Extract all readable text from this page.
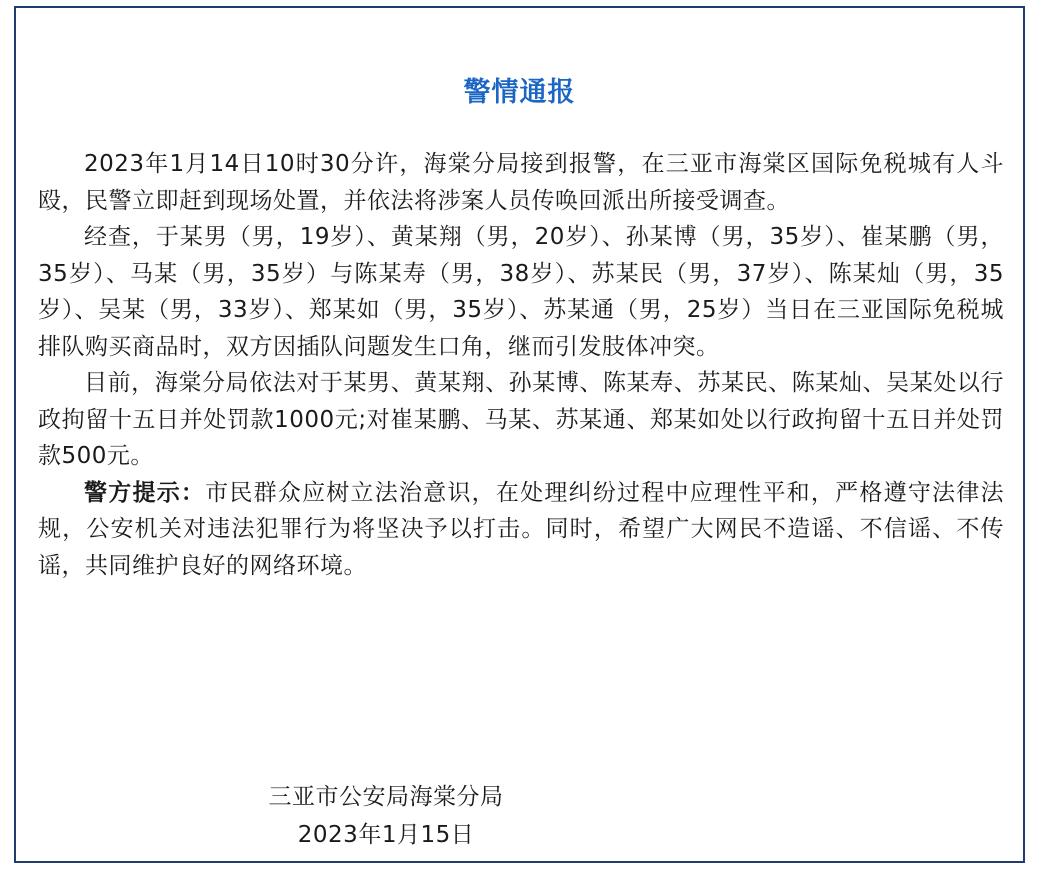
警情通报

2023年1月14日10时30分许，海棠分局接到报警，在三亚市海棠区国际免税城有人斗殴，民警立即赶到现场处置，并依法将涉案人员传唤回派出所接受调查。

经查，于某男（男，19岁）、黄某翔（男，20岁）、孙某博（男，35岁）、崔某鹏（男，35岁）、马某（男，35岁）与陈某寿（男，38岁）、苏某民（男，37岁）、陈某灿（男，35岁）、吴某（男，33岁）、郑某如（男，35岁）、苏某通（男，25岁）当日在三亚国际免税城排队购买商品时，双方因插队问题发生口角，继而引发肢体冲突。

目前，海棠分局依法对于某男、黄某翔、孙某博、陈某寿、苏某民、陈某灿、吴某处以行政拘留十五日并处罚款1000元;对崔某鹏、马某、苏某通、郑某如处以行政拘留十五日并处罚款500元。

警方提示：市民群众应树立法治意识，在处理纠纷过程中应理性平和，严格遵守法律法规，公安机关对违法犯罪行为将坚决予以打击。同时，希望广大网民不造谣、不信谣、不传谣，共同维护良好的网络环境。

三亚市公安局海棠分局
2023年1月15日
